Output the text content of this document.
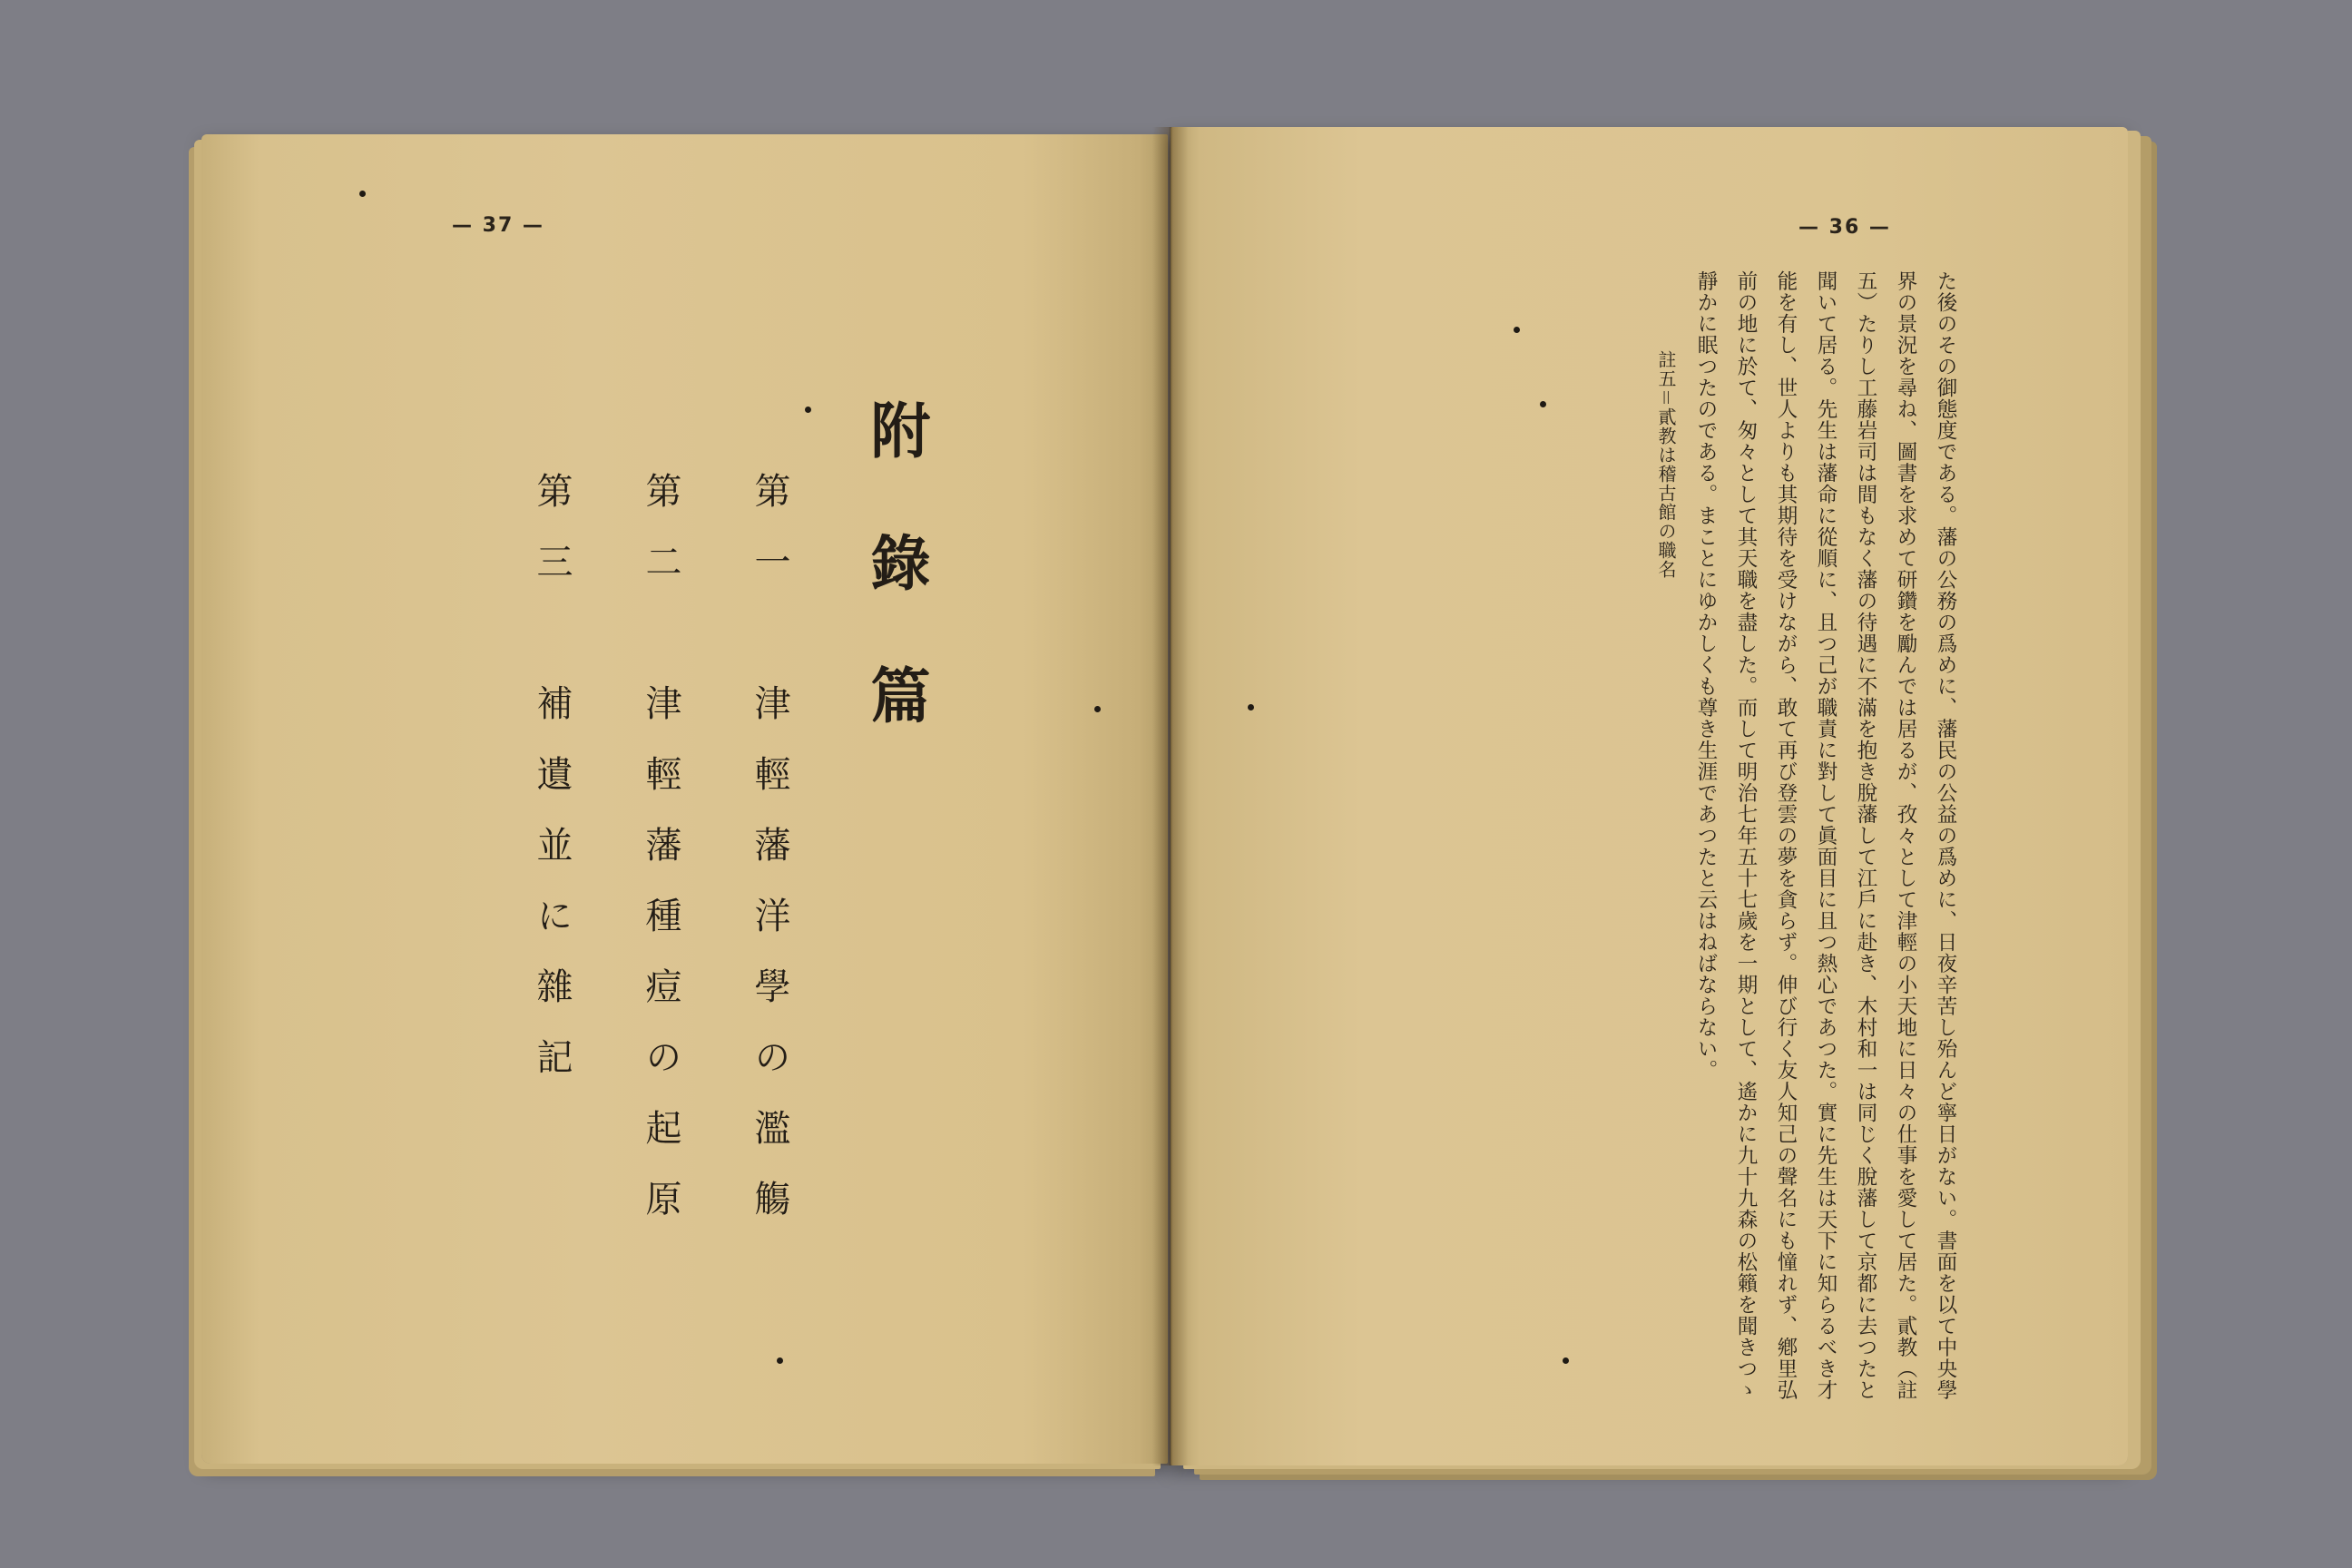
— 37 —	— 36 —
附錄篇
第一　津輕藩洋學の濫觴
第二　津輕藩種痘の起原
第三　補遺並に雜記	た後のその御態度である。藩の公務の爲めに、藩民の公益の爲めに、日夜辛苦し殆んど寧日がない。書面を以て中央學
界の景況を尋ね、圖書を求めて研鑽を勵んでは居るが、孜々として津輕の小天地に日々の仕事を愛して居た。貳教（註
五）たりし工藤岩司は間もなく藩の待遇に不滿を抱き脫藩して江戶に赴き、木村和一は同じく脫藩して京都に去つたと
聞いて居る。先生は藩命に從順に、且つ己が職責に對して眞面目に且つ熱心であつた。實に先生は天下に知らるべき才
能を有し、世人よりも其期待を受けながら、敢て再び登雲の夢を貪らず。伸び行く友人知己の聲名にも憧れず、鄕里弘
前の地に於て、匆々として其天職を盡した。而して明治七年五十七歲を一期として、遙かに九十九森の松籟を聞きつゝ
靜かに眠つたのである。まことにゆかしくも尊き生涯であつたと云はねばならない。
註五＝貳教は稽古館の職名
